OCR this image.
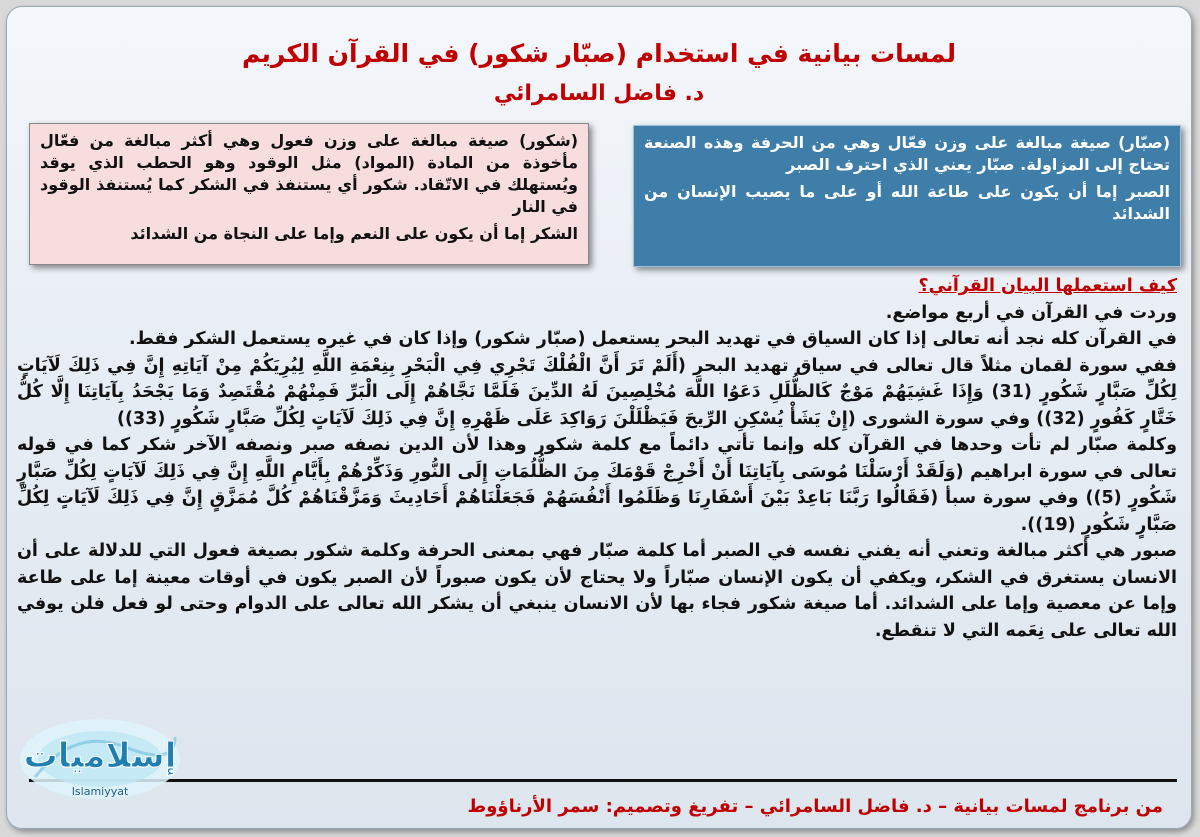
لمسات بيانية في استخدام (صبّار شكور) في القرآن الكريم
د. فاضل السامرائي

(صبّار) صيغة مبالغة على وزن فعّال وهي من الحرفة وهذه الصنعة تحتاج إلى المزاولة. صبّار يعني الذي احترف الصبر

الصبر إما أن يكون على طاعة الله أو على ما يصيب الإنسان من الشدائد

(شكور) صيغة مبالغة على وزن فعول وهي أكثر مبالغة من فعّال مأخوذة من المادة (المواد) مثل الوقود وهو الحطب الذي يوقد ويُستهلك في الاتّقاد. شكور أي يستنفذ في الشكر كما يُستنفذ الوقود في النار

الشكر إما أن يكون على النعم وإما على النجاة من الشدائد

كيف استعملها البيان القرآني؟

وردت في القرآن في أربع مواضع.

في القرآن كله نجد أنه تعالى إذا كان السياق في تهديد البحر يستعمل (صبّار شكور) وإذا كان في غيره يستعمل الشكر فقط.

ففي سورة لقمان مثلاً قال تعالى في سياق تهديد البحر (أَلَمْ تَرَ أَنَّ الْفُلْكَ تَجْرِي فِي الْبَحْرِ بِنِعْمَةِ اللَّهِ لِيُرِيَكُمْ مِنْ آيَاتِهِ إِنَّ فِي ذَلِكَ لَآيَاتٍ لِكُلِّ صَبَّارٍ شَكُورٍ (31) وَإِذَا غَشِيَهُمْ مَوْجٌ كَالظُّلَلِ دَعَوُا اللَّهَ مُخْلِصِينَ لَهُ الدِّينَ فَلَمَّا نَجَّاهُمْ إِلَى الْبَرِّ فَمِنْهُمْ مُقْتَصِدٌ وَمَا يَجْحَدُ بِآيَاتِنَا إِلَّا كُلُّ خَتَّارٍ كَفُورٍ (32)) وفي سورة الشورى (إِنْ يَشَأْ يُسْكِنِ الرِّيحَ فَيَظْلَلْنَ رَوَاكِدَ عَلَى ظَهْرِهِ إِنَّ فِي ذَلِكَ لَآيَاتٍ لِكُلِّ صَبَّارٍ شَكُورٍ (33))

وكلمة صبّار لم تأت وحدها في القرآن كله وإنما تأتي دائماً مع كلمة شكور وهذا لأن الدين نصفه صبر ونصفه الآخر شكر كما في قوله تعالى في سورة ابراهيم (وَلَقَدْ أَرْسَلْنَا مُوسَى بِآيَاتِنَا أَنْ أَخْرِجْ قَوْمَكَ مِنَ الظُّلُمَاتِ إِلَى النُّورِ وَذَكِّرْهُمْ بِأَيَّامِ اللَّهِ إِنَّ فِي ذَلِكَ لَآيَاتٍ لِكُلِّ صَبَّارٍ شَكُورٍ (5)) وفي سورة سبأ (فَقَالُوا رَبَّنَا بَاعِدْ بَيْنَ أَسْفَارِنَا وَظَلَمُوا أَنْفُسَهُمْ فَجَعَلْنَاهُمْ أَحَادِيثَ وَمَزَّقْنَاهُمْ كُلَّ مُمَزَّقٍ إِنَّ فِي ذَلِكَ لَآيَاتٍ لِكُلِّ صَبَّارٍ شَكُورٍ (19)).

صبور هي أكثر مبالغة وتعني أنه يفني نفسه في الصبر أما كلمة صبّار فهي بمعنى الحرفة وكلمة شكور بصيغة فعول التي للدلالة على أن الانسان يستغرق في الشكر، ويكفي أن يكون الإنسان صبّاراً ولا يحتاج لأن يكون صبوراً لأن الصبر يكون في أوقات معينة إما على طاعة وإما عن معصية وإما على الشدائد. أما صيغة شكور فجاء بها لأن الانسان ينبغي أن يشكر الله تعالى على الدوام وحتى لو فعل فلن يوفي الله تعالى على نِعَمه التي لا تنقطع.

من برنامج لمسات بيانية – د. فاضل السامرائي – تفريغ وتصميم: سمر الأرناؤوط
إسلاميات
Islamiyyat
